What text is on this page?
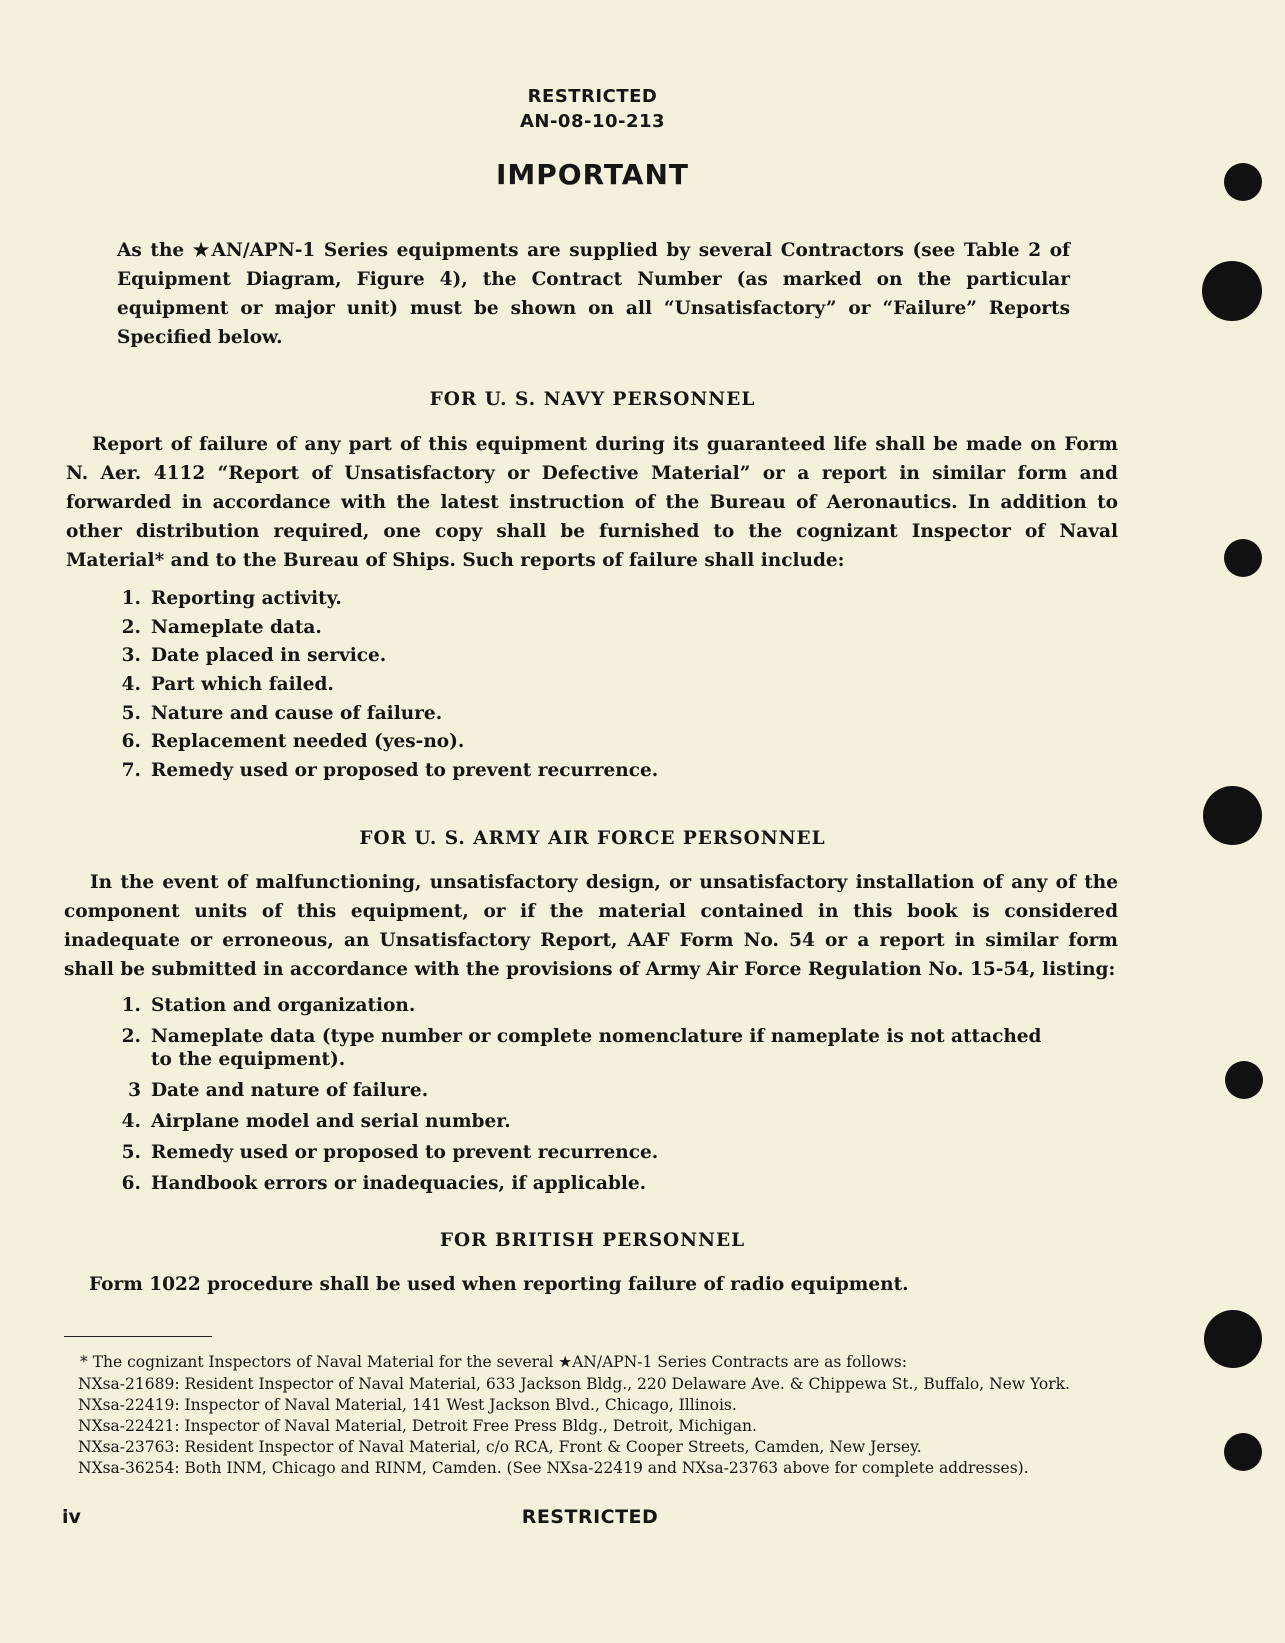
RESTRICTED
AN-08-10-213
IMPORTANT

As the ★AN/APN-1 Series equipments are supplied by several Contractors (see Table 2 of Equipment Diagram, Figure 4), the Contract Number (as marked on the particular equipment or major unit) must be shown on all “Unsatisfactory” or “Failure” Reports Specified below.

FOR U. S. NAVY PERSONNEL

Report of failure of any part of this equipment during its guaranteed life shall be made on Form N. Aer. 4112 “Report of Unsatisfactory or Defective Material” or a report in similar form and forwarded in accordance with the latest instruction of the Bureau of Aeronautics. In addition to other distribution required, one copy shall be furnished to the cognizant Inspector of Naval Material* and to the Bureau of Ships. Such reports of failure shall include:

1. Reporting activity.
2. Nameplate data.
3. Date placed in service.
4. Part which failed.
5. Nature and cause of failure.
6. Replacement needed (yes-no).
7. Remedy used or proposed to prevent recurrence.
FOR U. S. ARMY AIR FORCE PERSONNEL

In the event of malfunctioning, unsatisfactory design, or unsatisfactory installation of any of the component units of this equipment, or if the material contained in this book is considered inadequate or erroneous, an Unsatisfactory Report, AAF Form No. 54 or a report in similar form shall be submitted in accordance with the provisions of Army Air Force Regulation No. 15-54, listing:

1. Station and organization.
2. Nameplate data (type number or complete nomenclature if nameplate is not attached to the equipment).
3 Date and nature of failure.
4. Airplane model and serial number.
5. Remedy used or proposed to prevent recurrence.
6. Handbook errors or inadequacies, if applicable.
FOR BRITISH PERSONNEL

Form 1022 procedure shall be used when reporting failure of radio equipment.

* The cognizant Inspectors of Naval Material for the several ★AN/APN-1 Series Contracts are as follows:

NXsa-21689: Resident Inspector of Naval Material, 633 Jackson Bldg., 220 Delaware Ave. & Chippewa St., Buffalo, New York.
NXsa-22419: Inspector of Naval Material, 141 West Jackson Blvd., Chicago, Illinois.
NXsa-22421: Inspector of Naval Material, Detroit Free Press Bldg., Detroit, Michigan.
NXsa-23763: Resident Inspector of Naval Material, c/o RCA, Front & Cooper Streets, Camden, New Jersey.
NXsa-36254: Both INM, Chicago and RINM, Camden. (See NXsa-22419 and NXsa-23763 above for complete addresses).
iv	RESTRICTED
